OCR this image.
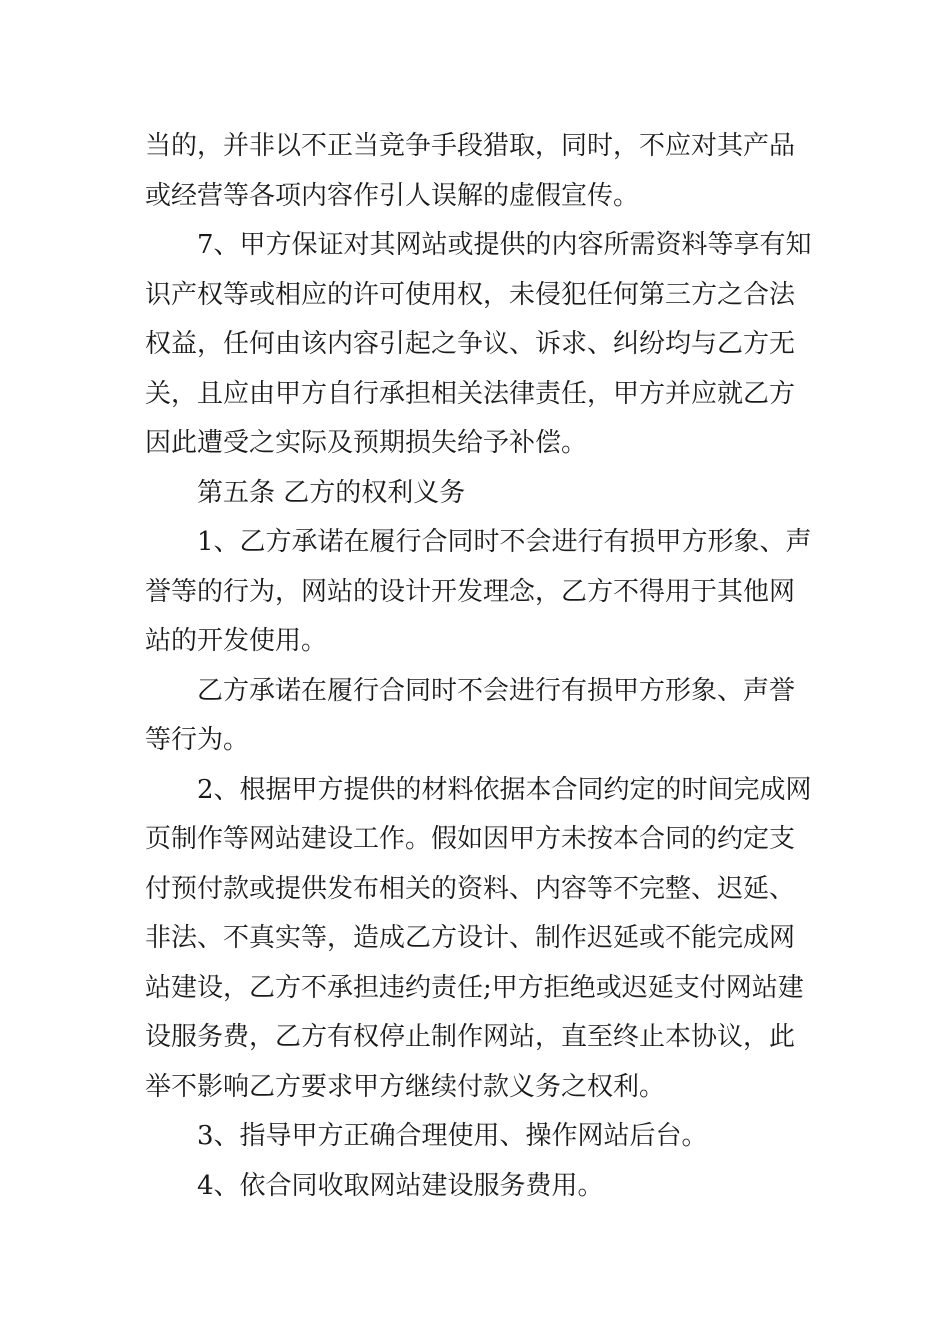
当的，并非以不正当竞争手段猎取，同时，不应对其产品
或经营等各项内容作引人误解的虚假宣传。
7、甲方保证对其网站或提供的内容所需资料等享有知
识产权等或相应的许可使用权，未侵犯任何第三方之合法
权益，任何由该内容引起之争议、诉求、纠纷均与乙方无
关，且应由甲方自行承担相关法律责任，甲方并应就乙方
因此遭受之实际及预期损失给予补偿。
第五条 乙方的权利义务
1、乙方承诺在履行合同时不会进行有损甲方形象、声
誉等的行为，网站的设计开发理念，乙方不得用于其他网
站的开发使用。
乙方承诺在履行合同时不会进行有损甲方形象、声誉
等行为。
2、根据甲方提供的材料依据本合同约定的时间完成网
页制作等网站建设工作。假如因甲方未按本合同的约定支
付预付款或提供发布相关的资料、内容等不完整、迟延、
非法、不真实等，造成乙方设计、制作迟延或不能完成网
站建设，乙方不承担违约责任;甲方拒绝或迟延支付网站建
设服务费，乙方有权停止制作网站，直至终止本协议，此
举不影响乙方要求甲方继续付款义务之权利。
3、指导甲方正确合理使用、操作网站后台。
4、依合同收取网站建设服务费用。
